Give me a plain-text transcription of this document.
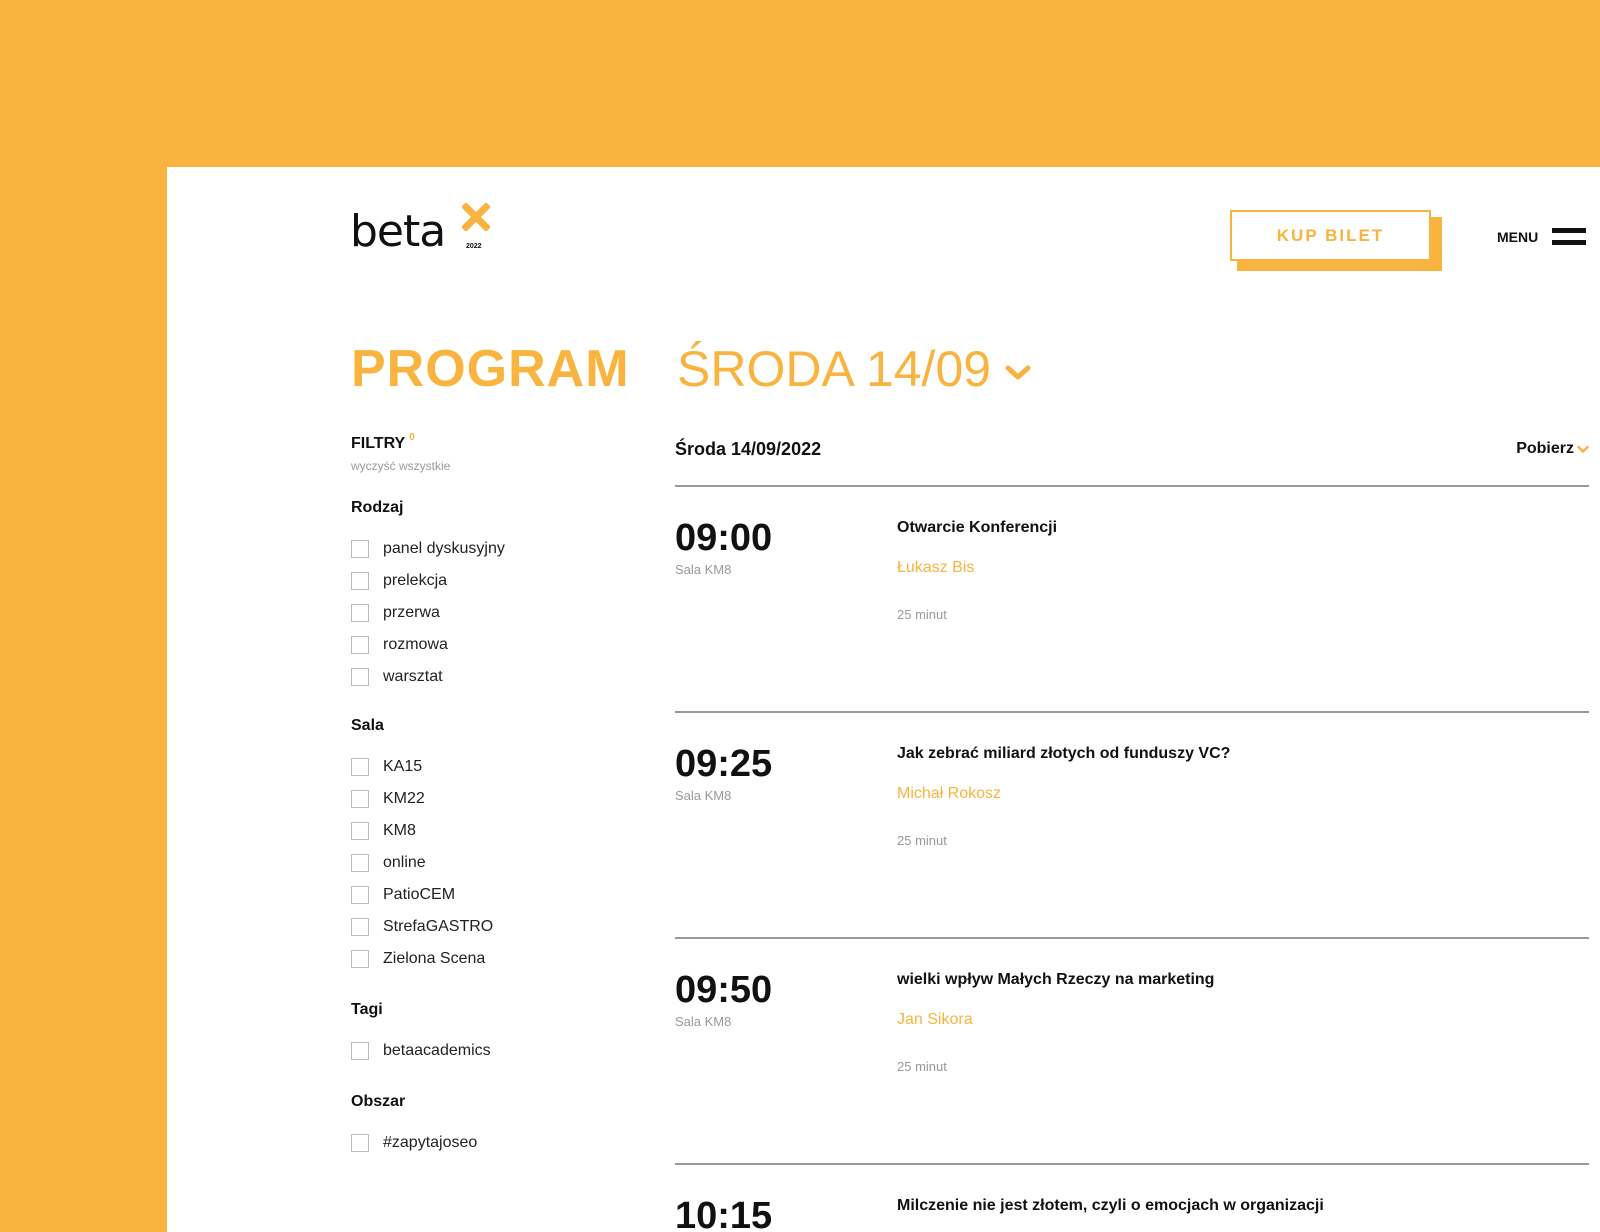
beta	2022
KUP BILET	MENU
PROGRAM ŚRODA 14/09
FILTRY 0
wyczyść wszystkie
Rodzaj
panel dyskusyjny
prelekcja
przerwa
rozmowa
warsztat
Sala
KA15
KM22
KM8
online
PatioCEM
StrefaGASTRO
Zielona Scena
Tagi
betaacademics
Obszar
#zapytajoseo
Środa 14/09/2022	Pobierz
09:00
Sala KM8
Otwarcie Konferencji
Łukasz Bis
25 minut
09:25
Sala KM8
Jak zebrać miliard złotych od funduszy VC?
Michał Rokosz
25 minut
09:50
Sala KM8
wielki wpływ Małych Rzeczy na marketing
Jan Sikora
25 minut
10:15	Milczenie nie jest złotem, czyli o emocjach w organizacji
